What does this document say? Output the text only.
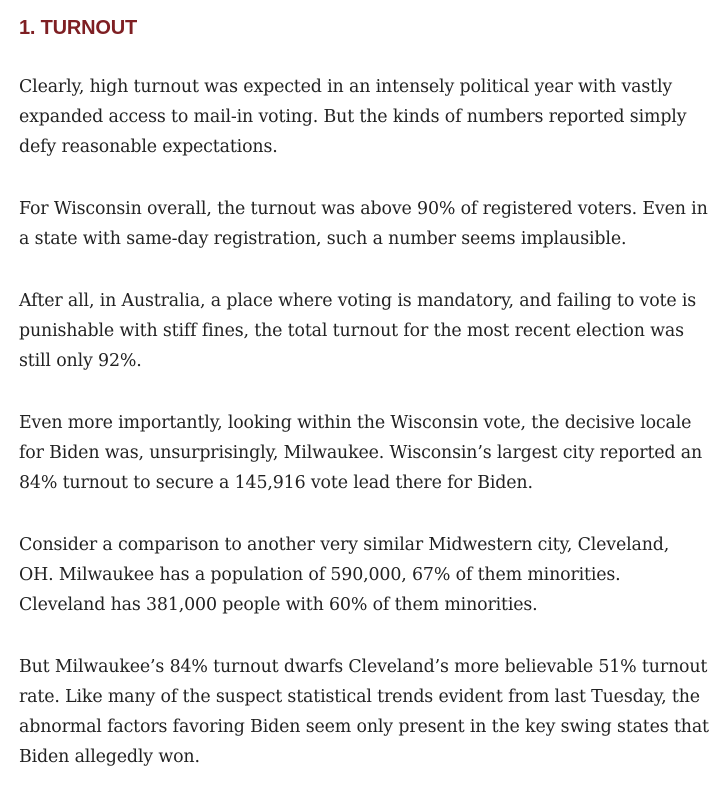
1. TURNOUT

Clearly, high turnout was expected in an intensely political year with vastly expanded access to mail-in voting. But the kinds of numbers reported simply defy reasonable expectations.

For Wisconsin overall, the turnout was above 90% of registered voters. Even in a state with same-day registration, such a number seems implausible.

After all, in Australia, a place where voting is mandatory, and failing to vote is punishable with stiff fines, the total turnout for the most recent election was still only 92%.

Even more importantly, looking within the Wisconsin vote, the decisive locale for Biden was, unsurprisingly, Milwaukee. Wisconsin’s largest city reported an 84% turnout to secure a 145,916 vote lead there for Biden.

Consider a comparison to another very similar Midwestern city, Cleveland, OH. Milwaukee has a population of 590,000, 67% of them minorities. Cleveland has 381,000 people with 60% of them minorities.

But Milwaukee’s 84% turnout dwarfs Cleveland’s more believable 51% turnout rate. Like many of the suspect statistical trends evident from last Tuesday, the abnormal factors favoring Biden seem only present in the key swing states that Biden allegedly won.
